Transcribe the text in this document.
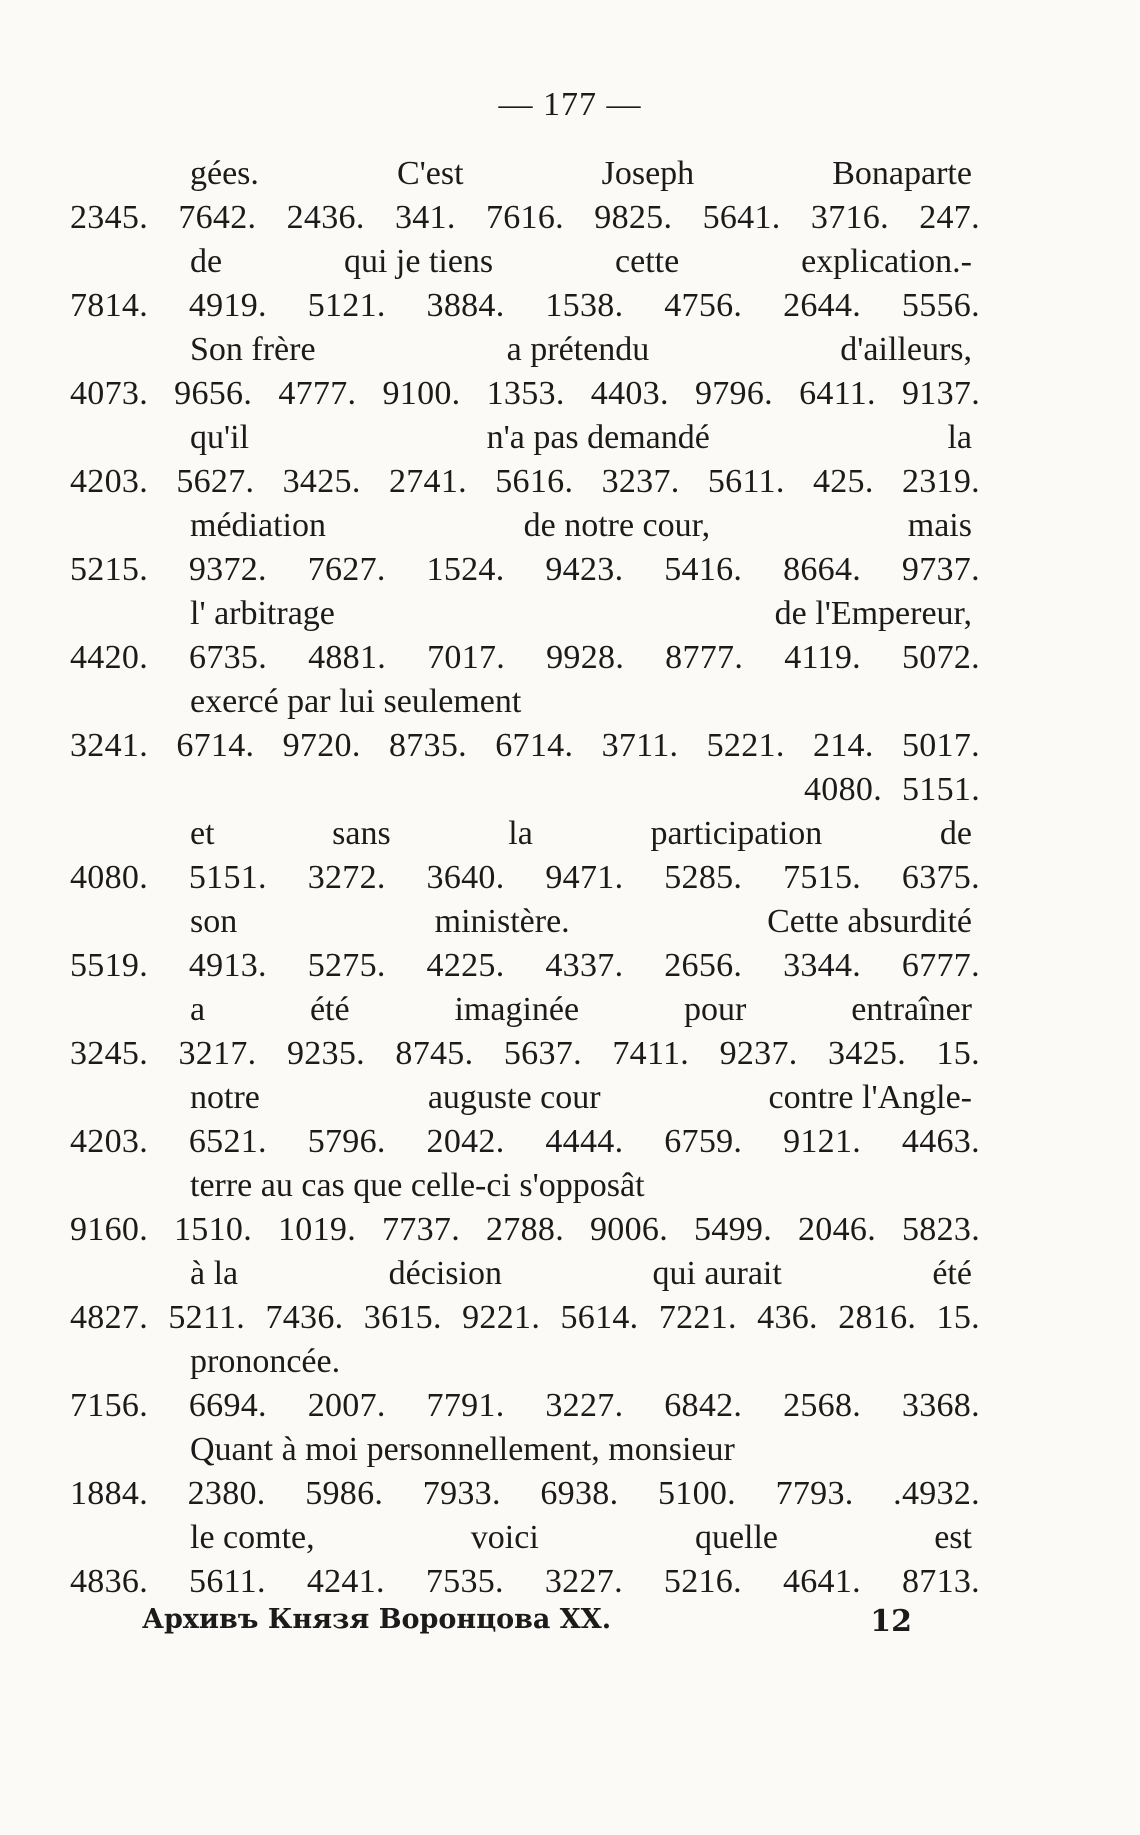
— 177 —
gées.	C'est	Joseph	Bonaparte
2345. 7642. 2436. 341. 7616. 9825. 5641. 3716. 247.
de	qui je tiens	cette	explication.-
7814. 4919. 5121. 3884. 1538. 4756. 2644. 5556.
Son frère	a prétendu	d'ailleurs,
4073. 9656. 4777. 9100. 1353. 4403. 9796. 6411. 9137.
qu'il	n'a pas demandé	la
4203. 5627. 3425. 2741. 5616. 3237. 5611. 425. 2319.
médiation	de notre cour,	mais
5215. 9372. 7627. 1524. 9423. 5416. 8664. 9737.
l' arbitrage	de l'Empereur,
4420. 6735. 4881. 7017. 9928. 8777. 4119. 5072.
exercé par lui seulement
3241. 6714. 9720. 8735. 6714. 3711. 5221. 214. 5017.
4080. 5151.
et	sans	la	participation	de
4080. 5151. 3272. 3640. 9471. 5285. 7515. 6375.
son	ministère.	Cette absurdité
5519. 4913. 5275. 4225. 4337. 2656. 3344. 6777.
a	été	imaginée	pour	entraîner
3245. 3217. 9235. 8745. 5637. 7411. 9237. 3425. 15.
notre	auguste cour	contre l'Angle-
4203. 6521. 5796. 2042. 4444. 6759. 9121. 4463.
terre au cas que celle-ci s'opposât
9160. 1510. 1019. 7737. 2788. 9006. 5499. 2046. 5823.
à la	décision	qui aurait	été
4827. 5211. 7436. 3615. 9221. 5614. 7221. 436. 2816. 15.
prononcée.
7156. 6694. 2007. 7791. 3227. 6842. 2568. 3368.
Quant à moi personnellement, monsieur
1884. 2380. 5986. 7933. 6938. 5100. 7793. .4932.
le comte,	voici	quelle	est
4836. 5611. 4241. 7535. 3227. 5216. 4641. 8713.
Архивъ Князя Воронцова XX.	12
